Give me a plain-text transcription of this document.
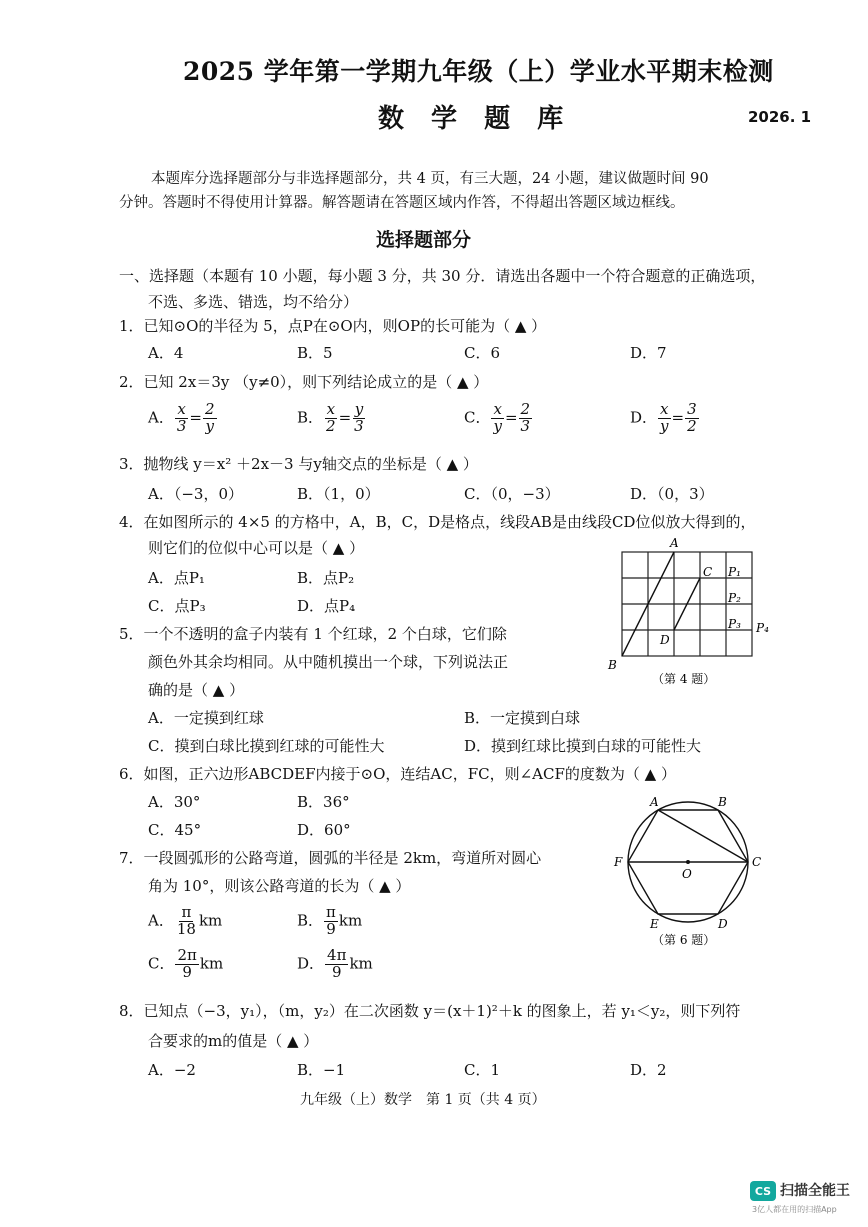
2025 学年第一学期九年级（上）学业水平期末检测
数 学 题 库	2026. 1
本题库分选择题部分与非选择题部分，共 4 页，有三大题，24 小题，建议做题时间 90
分钟。答题时不得使用计算器。解答题请在答题区域内作答，不得超出答题区域边框线。
选择题部分
一、选择题（本题有 10 小题，每小题 3 分，共 30 分．请选出各题中一个符合题意的正确选项，
不选、多选、错选，均不给分）
1．已知⊙O的半径为 5，点P在⊙O内，则OP的长可能为（ ▲ ）
A．4	B．5	C．6	D．7
2．已知 2x＝3y （y≠0），则下列结论成立的是（ ▲ ）
A． $\frac{x}{3} = \frac{2}{y}$	B． $\frac{x}{2} = \frac{y}{3}$	C． $\frac{x}{y} = \frac{2}{3}$	D． $\frac{x}{y} = \frac{3}{2}$
3．抛物线 y＝x² ＋2x－3 与y轴交点的坐标是（ ▲ ）
A．（−3，0）	B．（1，0）	C．（0，−3）	D．（0，3）
4．在如图所示的 4×5 的方格中，A，B，C，D是格点，线段AB是由线段CD位似放大得到的，
则它们的位似中心可以是（ ▲ ）
A．点P₁	B．点P₂
C．点P₃	D．点P₄
A
B
C
D
P₁
P₂
P₃ P₄
（第 4 题）
5．一个不透明的盒子内装有 1 个红球，2 个白球，它们除
颜色外其余均相同。从中随机摸出一个球，下列说法正
确的是（ ▲ ）
A．一定摸到红球	B．一定摸到白球
C．摸到白球比摸到红球的可能性大	D．摸到红球比摸到白球的可能性大
6．如图，正六边形ABCDEF内接于⊙O，连结AC，FC，则∠ACF的度数为（ ▲ ）
A．30°	B．36°
C．45°	D．60°
A	B
C
D
E
F
O
（第 6 题）
7．一段圆弧形的公路弯道，圆弧的半径是 2km，弯道所对圆心
角为 10°，则该公路弯道的长为（ ▲ ）
A． $\frac{\pi}{18}$ km	B． $\frac{\pi}{9}$ km
C． $\frac{2\pi}{9}$ km	D． $\frac{4\pi}{9}$ km
8．已知点（−3，y₁），（m，y₂）在二次函数 y＝(x＋1)²＋k 的图象上，若 y₁＜y₂，则下列符
合要求的m的值是（ ▲ ）
A．−2	B．−1	C．1	D．2
九年级（上）数学　第 1 页（共 4 页）
CS 扫描全能王
3亿人都在用的扫描App
